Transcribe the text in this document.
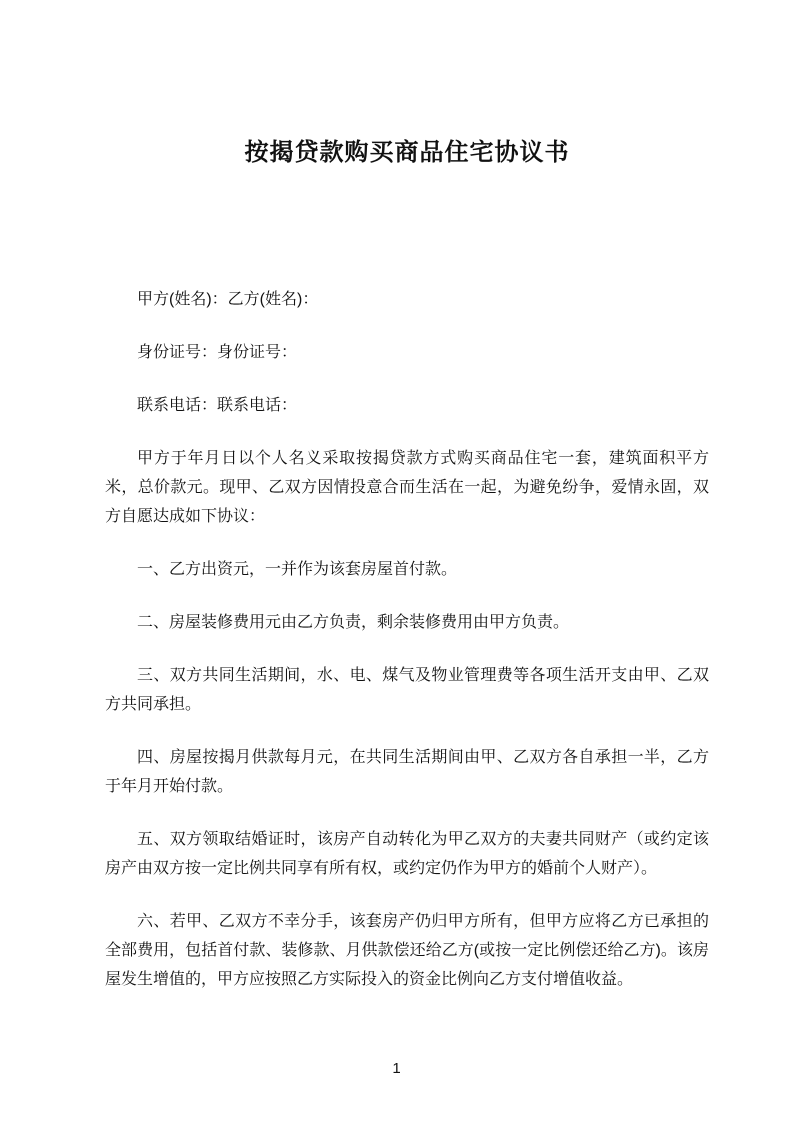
按揭贷款购买商品住宅协议书

甲方(姓名)：乙方(姓名)：

身份证号：身份证号：

联系电话：联系电话：

甲方于年月日以个人名义采取按揭贷款方式购买商品住宅一套，建筑面积平方米，总价款元。现甲、乙双方因情投意合而生活在一起，为避免纷争，爱情永固，双方自愿达成如下协议：

一、乙方出资元，一并作为该套房屋首付款。

二、房屋装修费用元由乙方负责，剩余装修费用由甲方负责。

三、双方共同生活期间，水、电、煤气及物业管理费等各项生活开支由甲、乙双方共同承担。

四、房屋按揭月供款每月元，在共同生活期间由甲、乙双方各自承担一半，乙方于年月开始付款。

五、双方领取结婚证时，该房产自动转化为甲乙双方的夫妻共同财产（或约定该房产由双方按一定比例共同享有所有权，或约定仍作为甲方的婚前个人财产）。

六、若甲、乙双方不幸分手，该套房产仍归甲方所有，但甲方应将乙方已承担的全部费用，包括首付款、装修款、月供款偿还给乙方(或按一定比例偿还给乙方)。该房屋发生增值的，甲方应按照乙方实际投入的资金比例向乙方支付增值收益。

1
